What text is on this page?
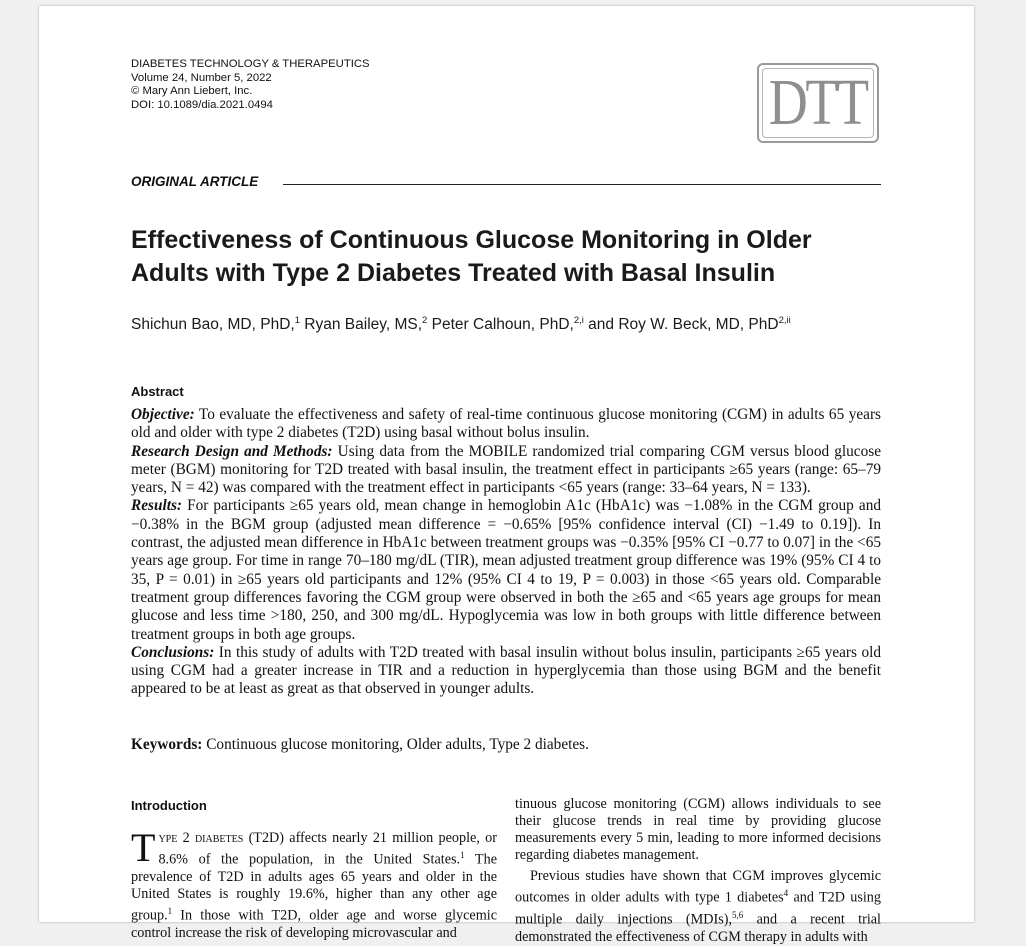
DIABETES TECHNOLOGY & THERAPEUTICS
Volume 24, Number 5, 2022
© Mary Ann Liebert, Inc.
DOI: 10.1089/dia.2021.0494	DTT
ORIGINAL ARTICLE
Effectiveness of Continuous Glucose Monitoring in Older Adults with Type 2 Diabetes Treated with Basal Insulin
Shichun Bao, MD, PhD,$^1$ Ryan Bailey, MS,$^2$ Peter Calhoun, PhD,$^{2,i}$ and Roy W. Beck, MD, PhD$^{2,ii}$
Abstract

Objective: To evaluate the effectiveness and safety of real-time continuous glucose monitoring (CGM) in adults 65 years old and older with type 2 diabetes (T2D) using basal without bolus insulin.

Research Design and Methods: Using data from the MOBILE randomized trial comparing CGM versus blood glucose meter (BGM) monitoring for T2D treated with basal insulin, the treatment effect in participants ≥65 years (range: 65–79 years, N = 42) was compared with the treatment effect in participants <65 years (range: 33–64 years, N = 133).

Results: For participants ≥65 years old, mean change in hemoglobin A1c (HbA1c) was −1.08% in the CGM group and −0.38% in the BGM group (adjusted mean difference = −0.65% [95% confidence interval (CI) −1.49 to 0.19]). In contrast, the adjusted mean difference in HbA1c between treatment groups was −0.35% [95% CI −0.77 to 0.07] in the <65 years age group. For time in range 70–180 mg/dL (TIR), mean adjusted treatment group difference was 19% (95% CI 4 to 35, P = 0.01) in ≥65 years old participants and 12% (95% CI 4 to 19, P = 0.003) in those <65 years old. Comparable treatment group differences favoring the CGM group were observed in both the ≥65 and <65 years age groups for mean glucose and less time >180, 250, and 300 mg/dL. Hypoglycemia was low in both groups with little difference between treatment groups in both age groups.

Conclusions: In this study of adults with T2D treated with basal insulin without bolus insulin, participants ≥65 years old using CGM had a greater increase in TIR and a reduction in hyperglycemia than those using BGM and the benefit appeared to be at least as great as that observed in younger adults.

Keywords: Continuous glucose monitoring, Older adults, Type 2 diabetes.
Introduction

Type 2 diabetes (T2D) affects nearly 21 million people, or 8.6% of the population, in the United States.$^1$ The prevalence of T2D in adults ages 65 years and older in the United States is roughly 19.6%, higher than any other age group.$^1$ In those with T2D, older age and worse glycemic control increase the risk of developing microvascular and

tinuous glucose monitoring (CGM) allows individuals to see their glucose trends in real time by providing glucose measurements every 5 min, leading to more informed decisions regarding diabetes management.

Previous studies have shown that CGM improves glycemic outcomes in older adults with type 1 diabetes$^4$ and T2D using multiple daily injections (MDIs),$^{5,6}$ and a recent trial demonstrated the effectiveness of CGM therapy in adults with
